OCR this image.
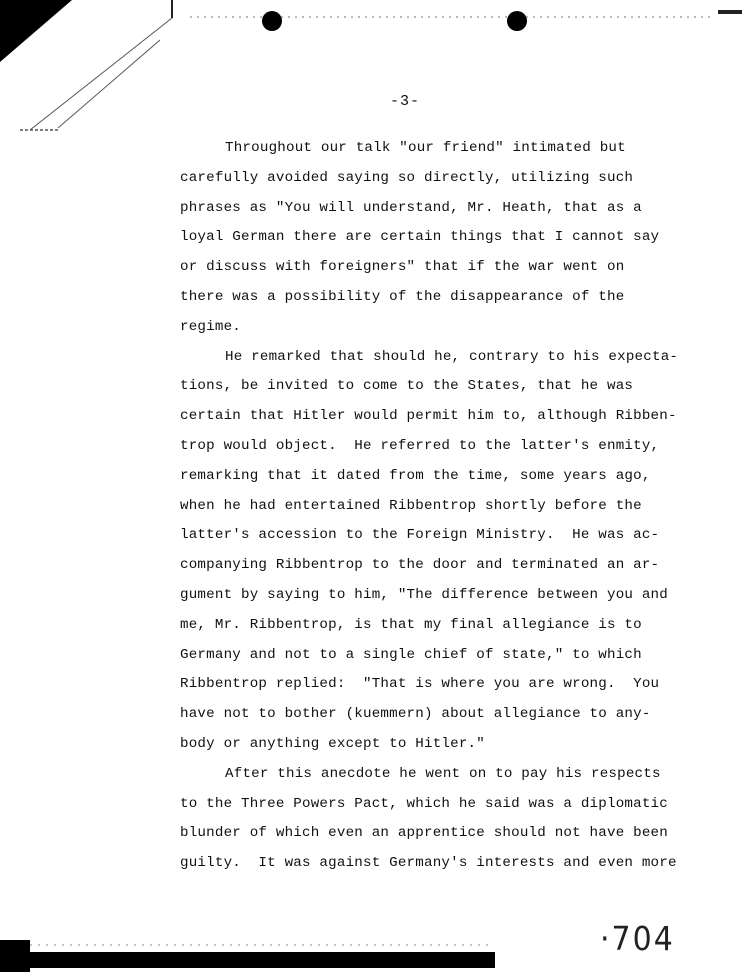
-3-
Throughout our talk "our friend" intimated but
carefully avoided saying so directly, utilizing such
phrases as "You will understand, Mr. Heath, that as a
loyal German there are certain things that I cannot say
or discuss with foreigners" that if the war went on
there was a possibility of the disappearance of the
regime.
He remarked that should he, contrary to his expecta-
tions, be invited to come to the States, that he was
certain that Hitler would permit him to, although Ribben-
trop would object.  He referred to the latter's enmity,
remarking that it dated from the time, some years ago,
when he had entertained Ribbentrop shortly before the
latter's accession to the Foreign Ministry.  He was ac-
companying Ribbentrop to the door and terminated an ar-
gument by saying to him, "The difference between you and
me, Mr. Ribbentrop, is that my final allegiance is to
Germany and not to a single chief of state," to which
Ribbentrop replied:  "That is where you are wrong.  You
have not to bother (kuemmern) about allegiance to any-
body or anything except to Hitler."
After this anecdote he went on to pay his respects
to the Three Powers Pact, which he said was a diplomatic
blunder of which even an apprentice should not have been
guilty.  It was against Germany's interests and even more
·704
